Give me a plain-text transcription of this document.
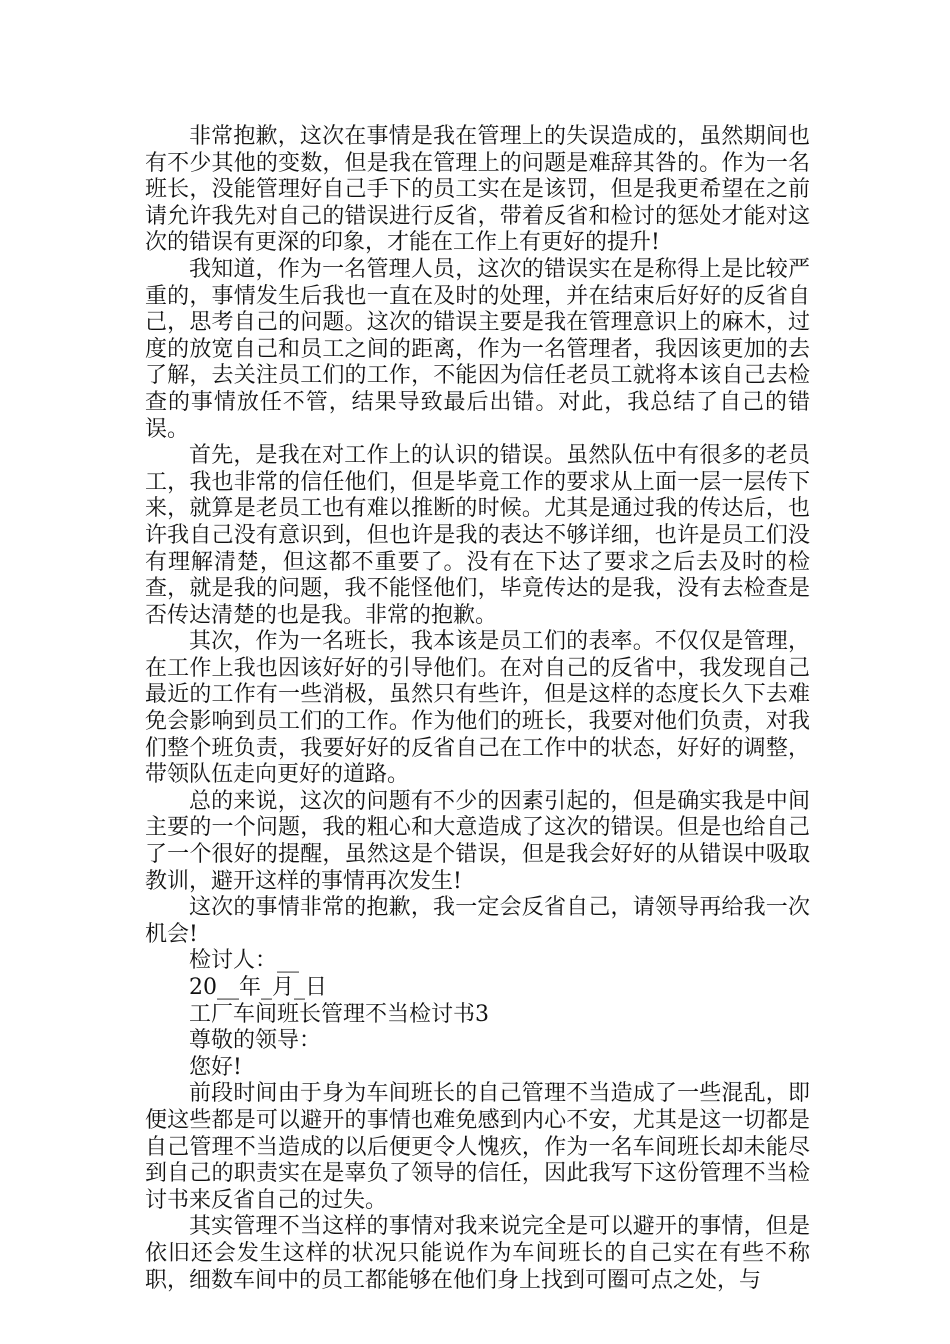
非常抱歉，这次在事情是我在管理上的失误造成的，虽然期间也有不少其他的变数，但是我在管理上的问题是难辞其咎的。作为一名班长，没能管理好自己手下的员工实在是该罚，但是我更希望在之前请允许我先对自己的错误进行反省，带着反省和检讨的惩处才能对这次的错误有更深的印象，才能在工作上有更好的提升!

我知道，作为一名管理人员，这次的错误实在是称得上是比较严重的，事情发生后我也一直在及时的处理，并在结束后好好的反省自己，思考自己的问题。这次的错误主要是我在管理意识上的麻木，过度的放宽自己和员工之间的距离，作为一名管理者，我因该更加的去了解，去关注员工们的工作，不能因为信任老员工就将本该自己去检查的事情放任不管，结果导致最后出错。对此，我总结了自己的错误。

首先，是我在对工作上的认识的错误。虽然队伍中有很多的老员工，我也非常的信任他们，但是毕竟工作的要求从上面一层一层传下来，就算是老员工也有难以推断的时候。尤其是通过我的传达后，也许我自己没有意识到，但也许是我的表达不够详细，也许是员工们没有理解清楚，但这都不重要了。没有在下达了要求之后去及时的检查，就是我的问题，我不能怪他们，毕竟传达的是我，没有去检查是否传达清楚的也是我。非常的抱歉。

其次，作为一名班长，我本该是员工们的表率。不仅仅是管理，在工作上我也因该好好的引导他们。在对自己的反省中，我发现自己最近的工作有一些消极，虽然只有些许，但是这样的态度长久下去难免会影响到员工们的工作。作为他们的班长，我要对他们负责，对我们整个班负责，我要好好的反省自己在工作中的状态，好好的调整，带领队伍走向更好的道路。

总的来说，这次的问题有不少的因素引起的，但是确实我是中间主要的一个问题，我的粗心和大意造成了这次的错误。但是也给自己了一个很好的提醒，虽然这是个错误，但是我会好好的从错误中吸取教训，避开这样的事情再次发生!

这次的事情非常的抱歉，我一定会反省自己，请领导再给我一次机会!

检讨人：__

20__年_月_日

工厂车间班长管理不当检讨书3

尊敬的领导：

您好!

前段时间由于身为车间班长的自己管理不当造成了一些混乱，即便这些都是可以避开的事情也难免感到内心不安，尤其是这一切都是自己管理不当造成的以后便更令人愧疚，作为一名车间班长却未能尽到自己的职责实在是辜负了领导的信任，因此我写下这份管理不当检讨书来反省自己的过失。

其实管理不当这样的事情对我来说完全是可以避开的事情，但是依旧还会发生这样的状况只能说作为车间班长的自己实在有些不称职，细数车间中的员工都能够在他们身上找到可圈可点之处，与
